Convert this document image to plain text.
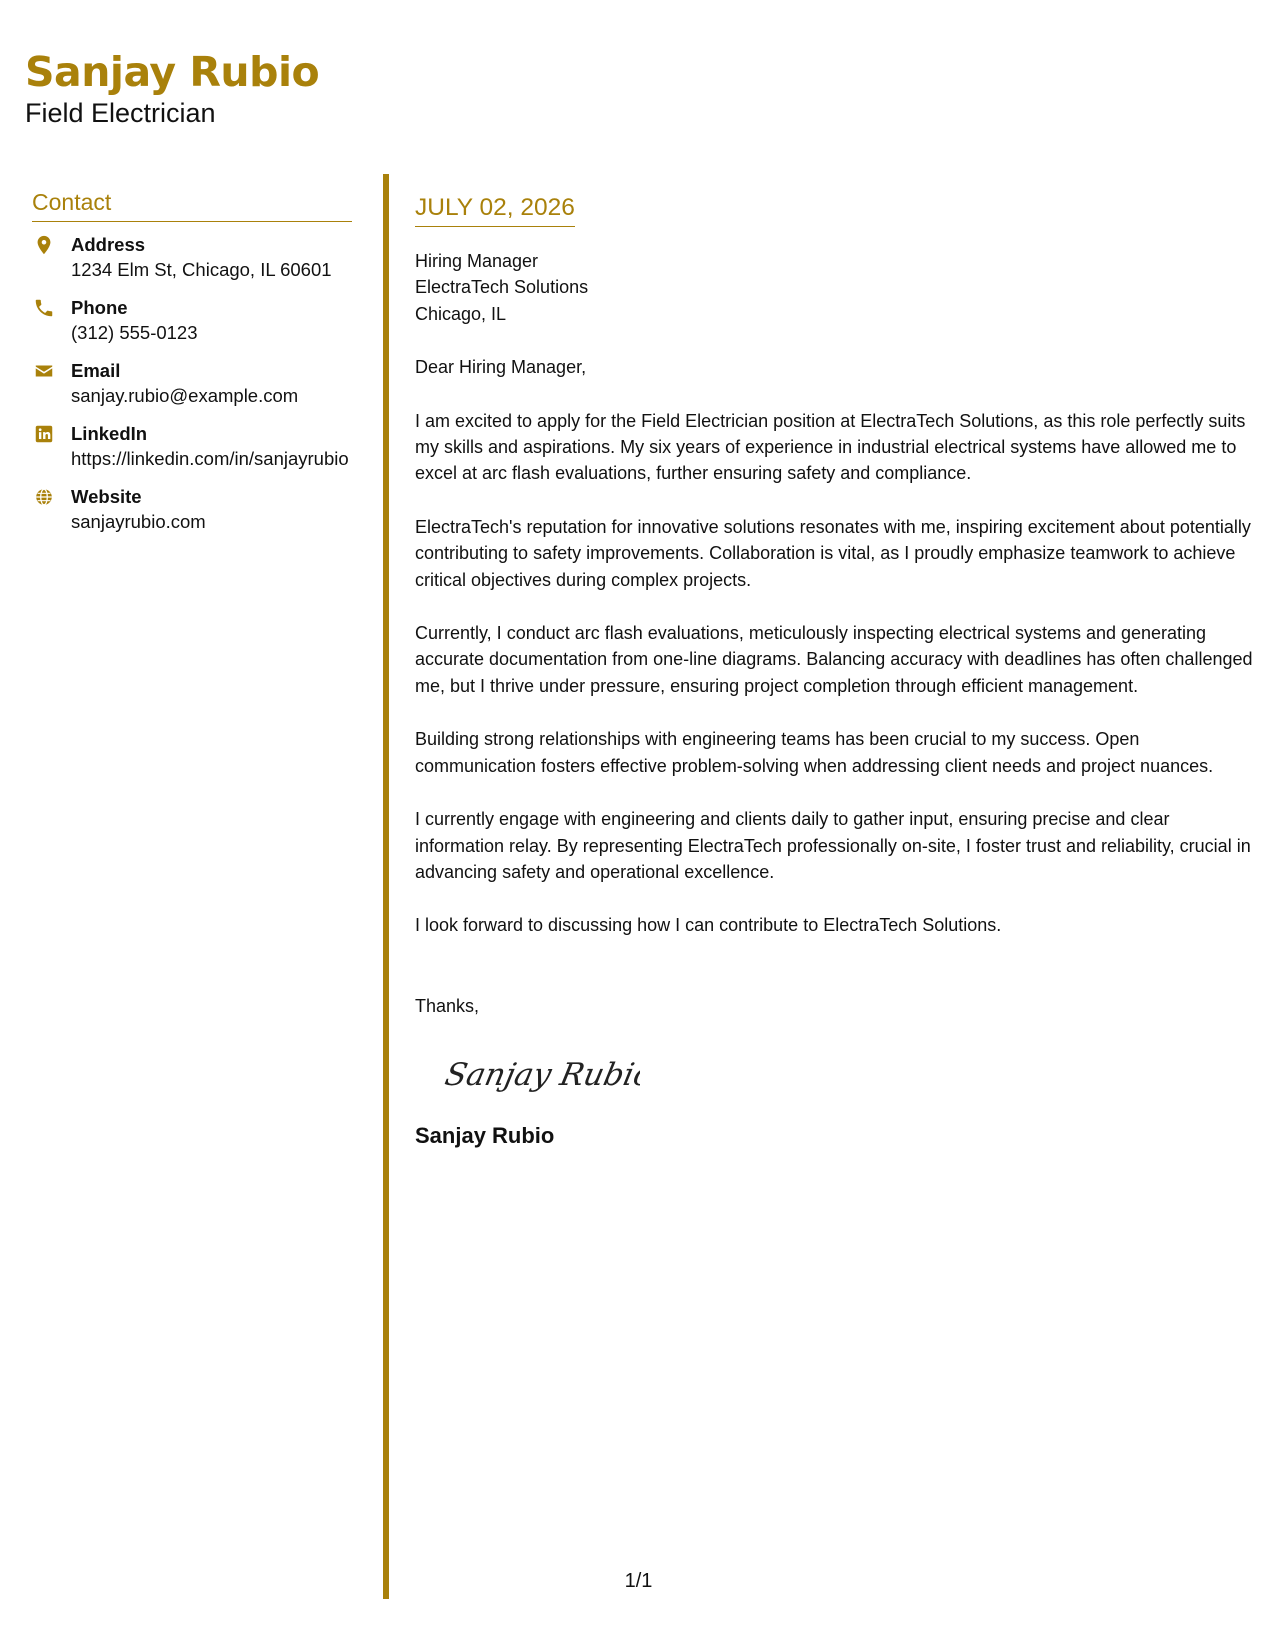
Sanjay Rubio
Field Electrician
Contact
Address
1234 Elm St, Chicago, IL 60601
Phone
(312) 555-0123
Email
sanjay.rubio@example.com
LinkedIn
https://linkedin.com/in/sanjayrubio
Website
sanjayrubio.com
JULY 02, 2026
Hiring Manager
ElectraTech Solutions
Chicago, IL
Dear Hiring Manager,
I am excited to apply for the Field Electrician position at ElectraTech Solutions, as this role perfectly suits my skills and aspirations. My six years of experience in industrial electrical systems have allowed me to excel at arc flash evaluations, further ensuring safety and compliance.
ElectraTech's reputation for innovative solutions resonates with me, inspiring excitement about potentially contributing to safety improvements. Collaboration is vital, as I proudly emphasize teamwork to achieve critical objectives during complex projects.
Currently, I conduct arc flash evaluations, meticulously inspecting electrical systems and generating accurate documentation from one-line diagrams. Balancing accuracy with deadlines has often challenged me, but I thrive under pressure, ensuring project completion through efficient management.
Building strong relationships with engineering teams has been crucial to my success. Open communication fosters effective problem-solving when addressing client needs and project nuances.
I currently engage with engineering and clients daily to gather input, ensuring precise and clear information relay. By representing ElectraTech professionally on-site, I foster trust and reliability, crucial in advancing safety and operational excellence.
I look forward to discussing how I can contribute to ElectraTech Solutions.
Thanks,
Sanjay Rubio
Sanjay Rubio
1/1
